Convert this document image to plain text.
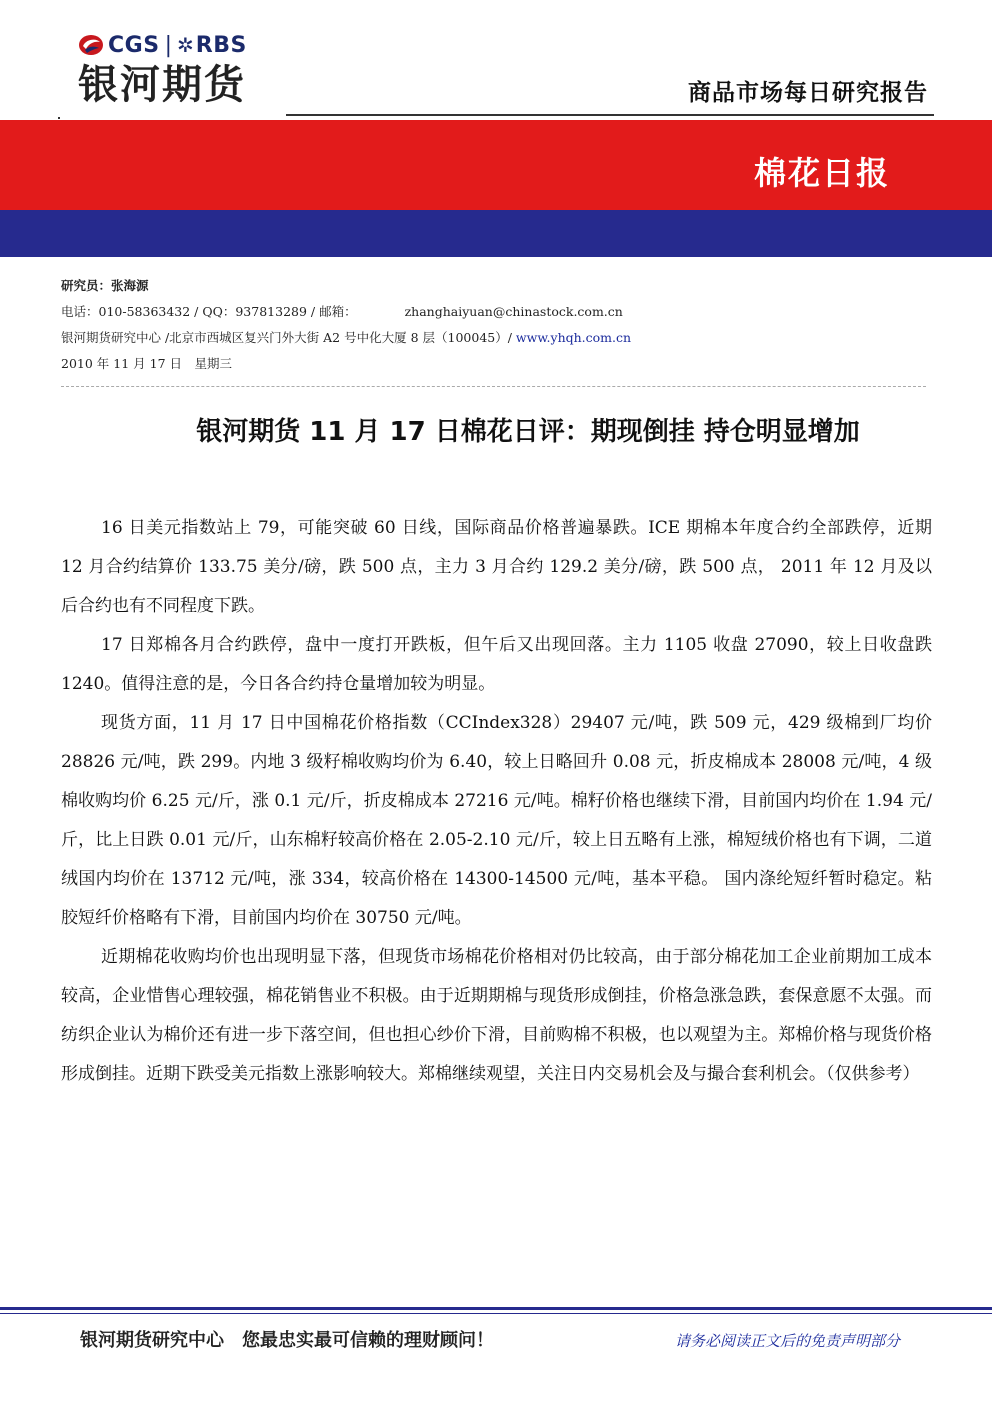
CGS | ✲ RBS
银河期货	商品市场每日研究报告
棉花日报
研究员：张海源
电话：010-58363432 / QQ：937813289 / 邮箱：	zhanghaiyuan@chinastock.com.cn
银河期货研究中心 /北京市西城区复兴门外大街 A2 号中化大厦 8 层（100045）/ www.yhqh.com.cn
2010 年 11 月 17 日　星期三
银河期货 11 月 17 日棉花日评：期现倒挂 持仓明显增加

16 日美元指数站上 79，可能突破 60 日线，国际商品价格普遍暴跌。ICE 期棉本年度合约全部跌停，近期 12 月合约结算价 133.75 美分/磅，跌 500 点，主力 3 月合约 129.2 美分/磅，跌 500 点， 2011 年 12 月及以后合约也有不同程度下跌。

17 日郑棉各月合约跌停，盘中一度打开跌板，但午后又出现回落。主力 1105 收盘 27090，较上日收盘跌 1240。值得注意的是，今日各合约持仓量增加较为明显。

现货方面，11 月 17 日中国棉花价格指数（CCIndex328）29407 元/吨，跌 509 元，429 级棉到厂均价 28826 元/吨，跌 299。内地 3 级籽棉收购均价为 6.40，较上日略回升 0.08 元，折皮棉成本 28008 元/吨，4 级棉收购均价 6.25 元/斤，涨 0.1 元/斤，折皮棉成本 27216 元/吨。棉籽价格也继续下滑，目前国内均价在 1.94 元/斤，比上日跌 0.01 元/斤，山东棉籽较高价格在 2.05-2.10 元/斤，较上日五略有上涨，棉短绒价格也有下调，二道绒国内均价在 13712 元/吨，涨 334，较高价格在 14300-14500 元/吨，基本平稳。 国内涤纶短纤暂时稳定。粘胶短纤价格略有下滑，目前国内均价在 30750 元/吨。

近期棉花收购均价也出现明显下落，但现货市场棉花价格相对仍比较高，由于部分棉花加工企业前期加工成本较高，企业惜售心理较强，棉花销售业不积极。由于近期期棉与现货形成倒挂，价格急涨急跌，套保意愿不太强。而纺织企业认为棉价还有进一步下落空间，但也担心纱价下滑，目前购棉不积极，也以观望为主。郑棉价格与现货价格形成倒挂。近期下跌受美元指数上涨影响较大。郑棉继续观望，关注日内交易机会及与撮合套利机会。（仅供参考）

银河期货研究中心 您最忠实最可信赖的理财顾问！	请务必阅读正文后的免责声明部分
